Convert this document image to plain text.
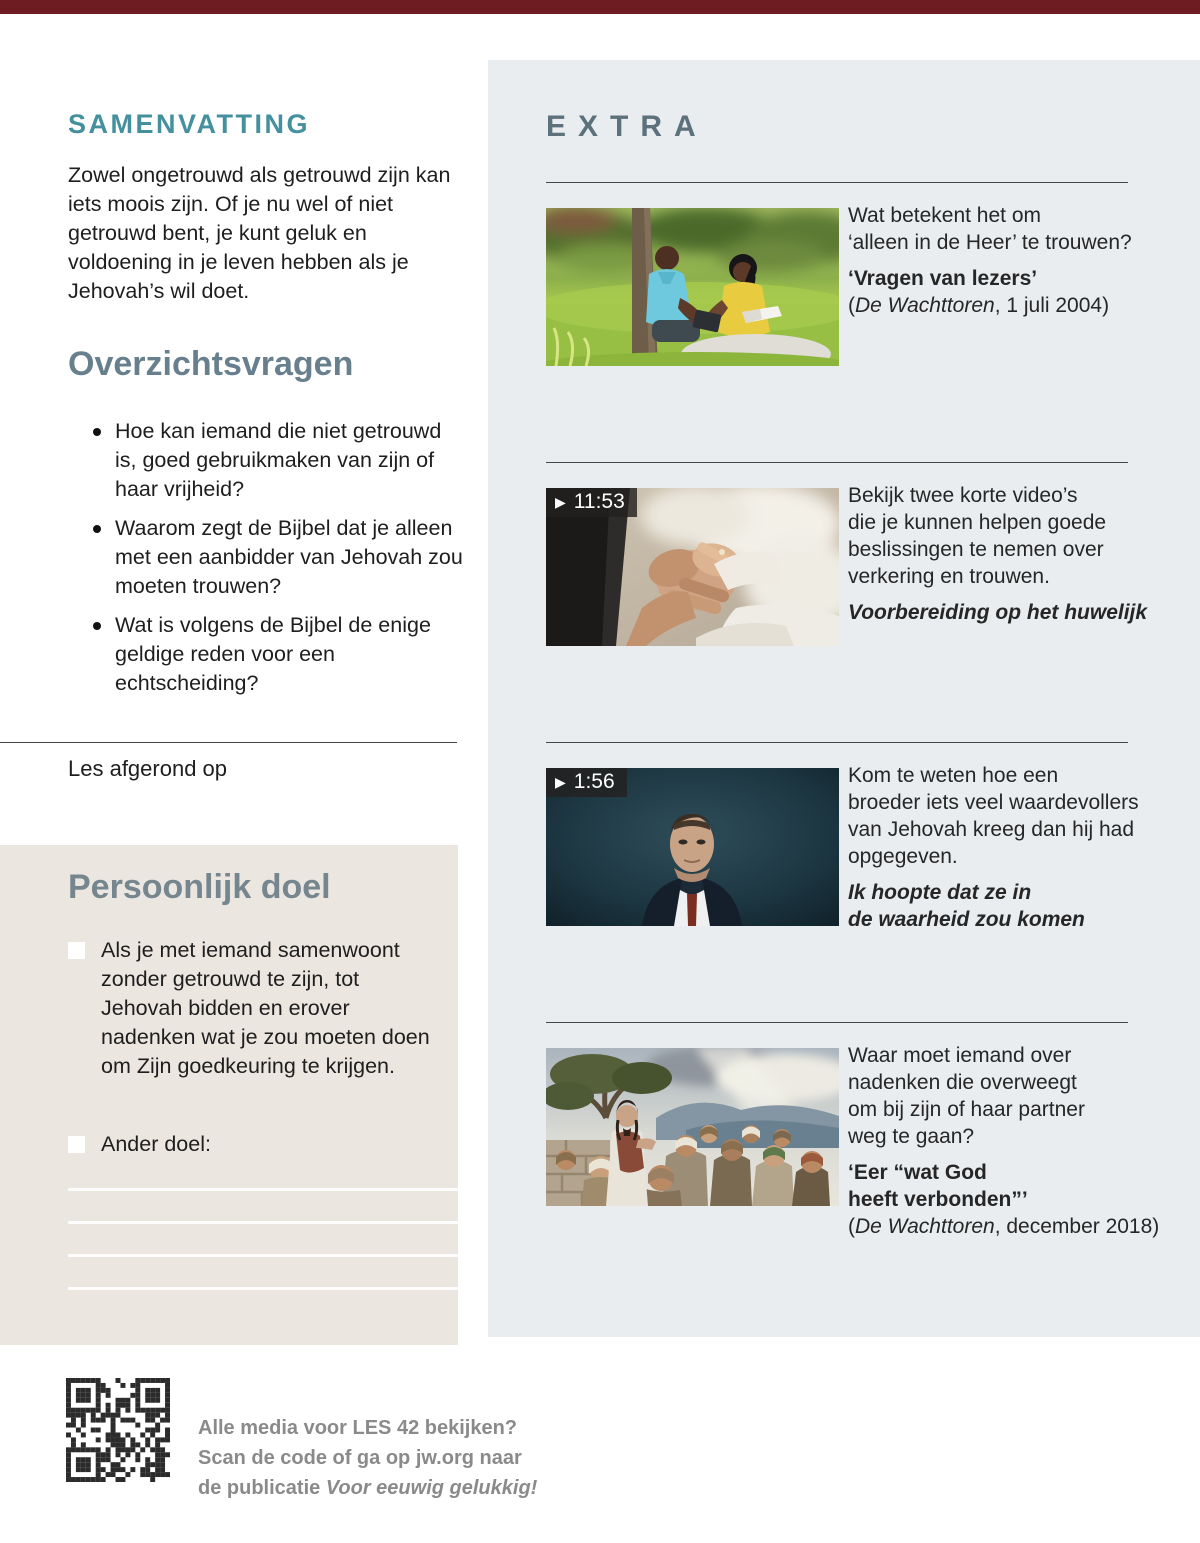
SAMENVATTING
Zowel ongetrouwd als getrouwd zijn kan iets moois zijn. Of je nu wel of niet getrouwd bent, je kunt geluk en voldoening in je leven hebben als je Jehovah’s wil doet.
Overzichtsvragen
Hoe kan iemand die niet getrouwd is, goed gebruikmaken van zijn of haar vrijheid?
Waarom zegt de Bijbel dat je alleen met een aanbidder van Jehovah zou moeten trouwen?
Wat is volgens de Bijbel de enige geldige reden voor een echtscheiding?
Les afgerond op
Persoonlijk doel
Als je met iemand samenwoont zonder getrouwd te zijn, tot Jehovah bidden en erover nadenken wat je zou moeten doen om Zijn goedkeuring te krijgen.
Ander doel:
Alle media voor LES 42 bekijken?
Scan de code of ga op jw.org naar
de publicatie Voor eeuwig gelukkig!
EXTRA
Wat betekent het om
‘alleen in de Heer’ te trouwen?
‘Vragen van lezers’
(De Wachttoren, 1 juli 2004)
▶ 11:53	Bekijk twee korte video’s
die je kunnen helpen goede
beslissingen te nemen over
verkering en trouwen.
Voorbereiding op het huwelijk
▶ 1:56	Kom te weten hoe een
broeder iets veel waardevollers
van Jehovah kreeg dan hij had
opgegeven.
Ik hoopte dat ze in
de waarheid zou komen
Waar moet iemand over
nadenken die overweegt
om bij zijn of haar partner
weg te gaan?
‘Eer “wat God
heeft verbonden”’
(De Wachttoren, december 2018)
